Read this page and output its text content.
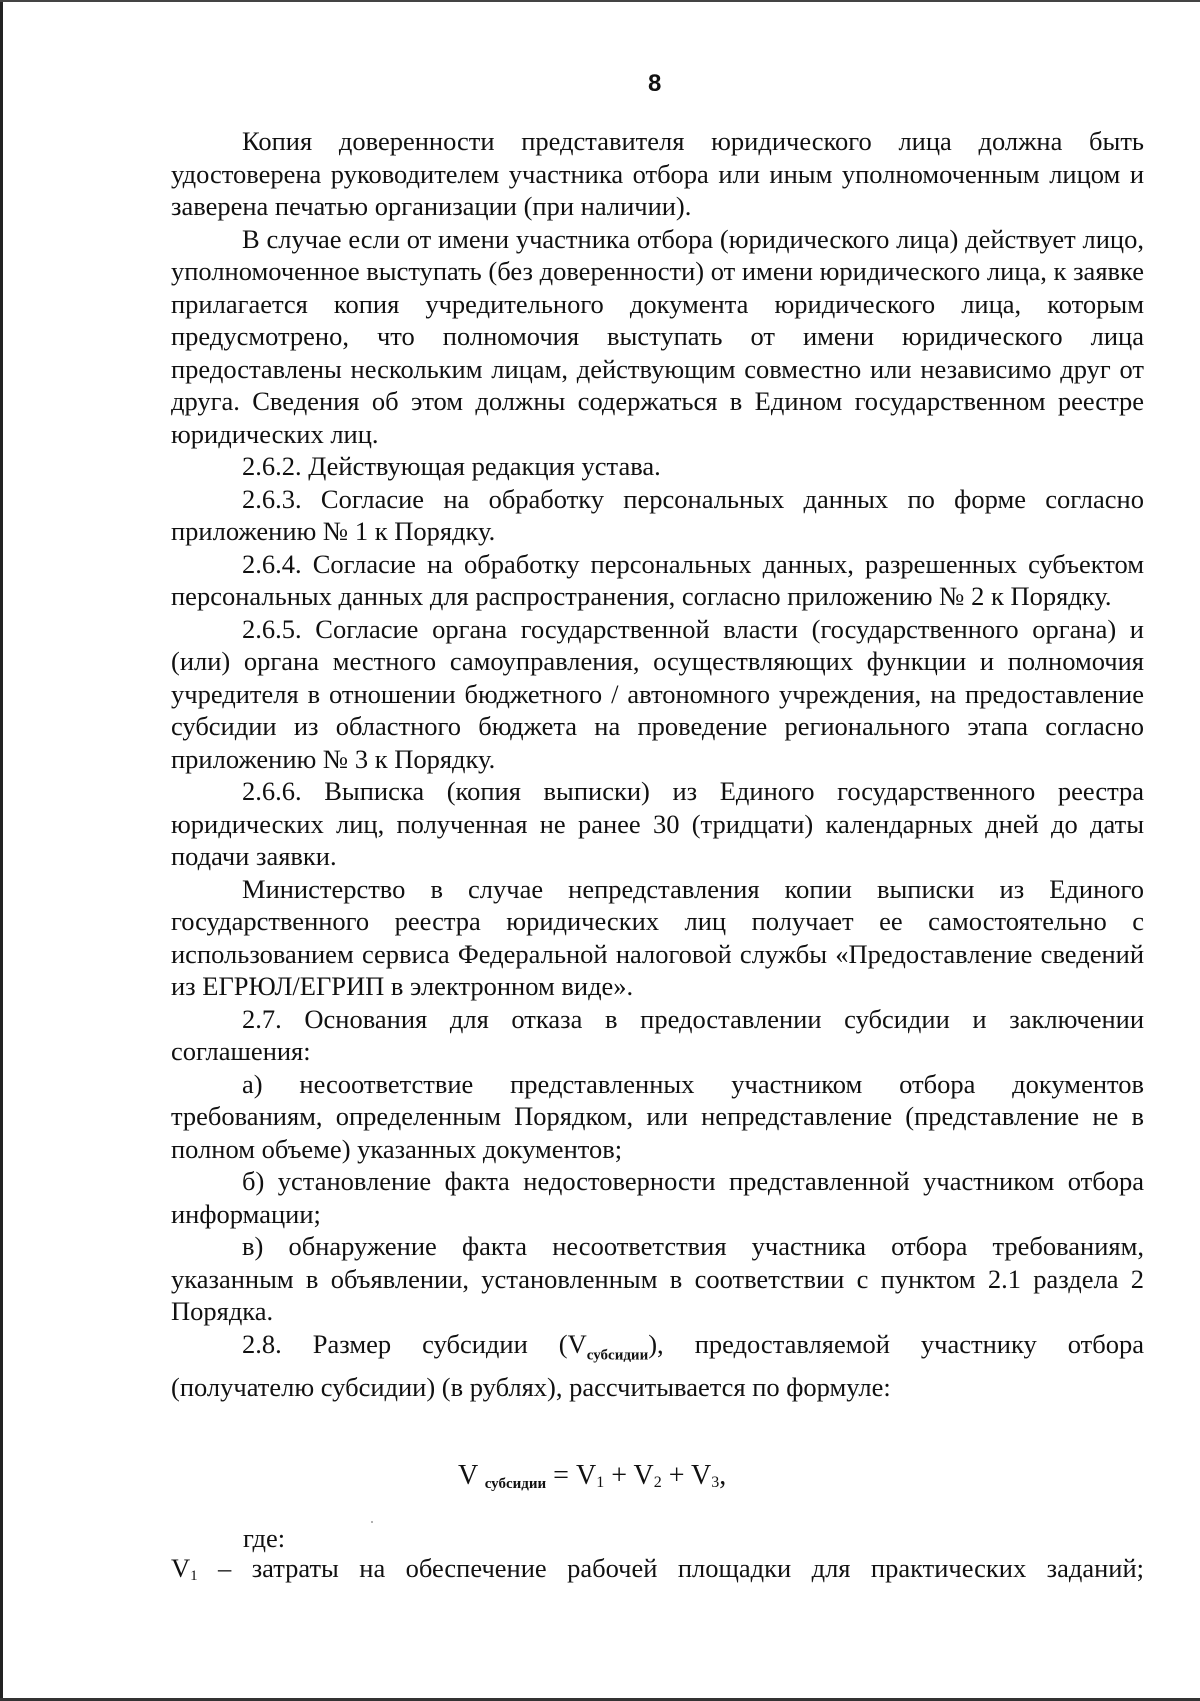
8

Копия доверенности представителя юридического лица должна быть удостоверена руководителем участника отбора или иным уполномоченным лицом и заверена печатью организации (при наличии).

В случае если от имени участника отбора (юридического лица) действует лицо, уполномоченное выступать (без доверенности) от имени юридического лица, к заявке прилагается копия учредительного документа юридического лица, которым предусмотрено, что полномочия выступать от имени юридического лица предоставлены нескольким лицам, действующим совместно или независимо друг от друга. Сведения об этом должны содержаться в Едином государственном реестре юридических лиц.

2.6.2. Действующая редакция устава.

2.6.3. Согласие на обработку персональных данных по форме согласно приложению № 1 к Порядку.

2.6.4. Согласие на обработку персональных данных, разрешенных субъектом персональных данных для распространения, согласно приложению № 2 к Порядку.

2.6.5. Согласие органа государственной власти (государственного органа) и (или) органа местного самоуправления, осуществляющих функции и полномочия учредителя в отношении бюджетного / автономного учреждения, на предоставление субсидии из областного бюджета на проведение регионального этапа согласно приложению № 3 к Порядку.

2.6.6. Выписка (копия выписки) из Единого государственного реестра юридических лиц, полученная не ранее 30 (тридцати) календарных дней до даты подачи заявки.

Министерство в случае непредставления копии выписки из Единого государственного реестра юридических лиц получает ее самостоятельно с использованием сервиса Федеральной налоговой службы «Предоставление сведений из ЕГРЮЛ/ЕГРИП в электронном виде».

2.7. Основания для отказа в предоставлении субсидии и заключении соглашения:

а) несоответствие представленных участником отбора документов требованиям, определенным Порядком, или непредставление (представление не в полном объеме) указанных документов;

б) установление факта недостоверности представленной участником отбора информации;

в) обнаружение факта несоответствия участника отбора требованиям, указанным в объявлении, установленным в соответствии с пунктом 2.1 раздела 2 Порядка.

2.8. Размер субсидии $(V_{субсидии})$, предоставляемой участнику отбора (получателю субсидии) (в рублях), рассчитывается по формуле:

V $_{субсидии}$ = V1 + V2 + V3,
где:
V1 – затраты на обеспечение рабочей площадки для практических заданий;
